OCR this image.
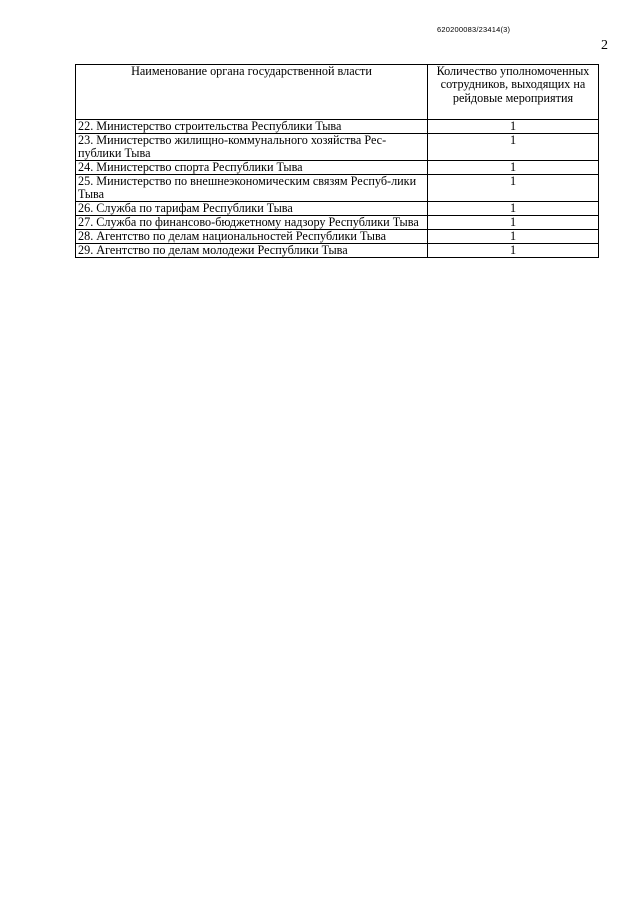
620200083/23414(3)
2
Наименование органа государственной власти	Количество уполномоченных сотрудников, выходящих на рейдовые мероприятия
22. Министерство строительства Республики Тыва	1
23. Министерство жилищно-коммунального хозяйства Рес-публики Тыва	1
24. Министерство спорта Республики Тыва	1
25. Министерство по внешнеэкономическим связям Респуб-лики Тыва	1
26. Служба по тарифам Республики Тыва	1
27. Служба по финансово-бюджетному надзору Республики Тыва	1
28. Агентство по делам национальностей Республики Тыва	1
29. Агентство по делам молодежи Республики Тыва	1
